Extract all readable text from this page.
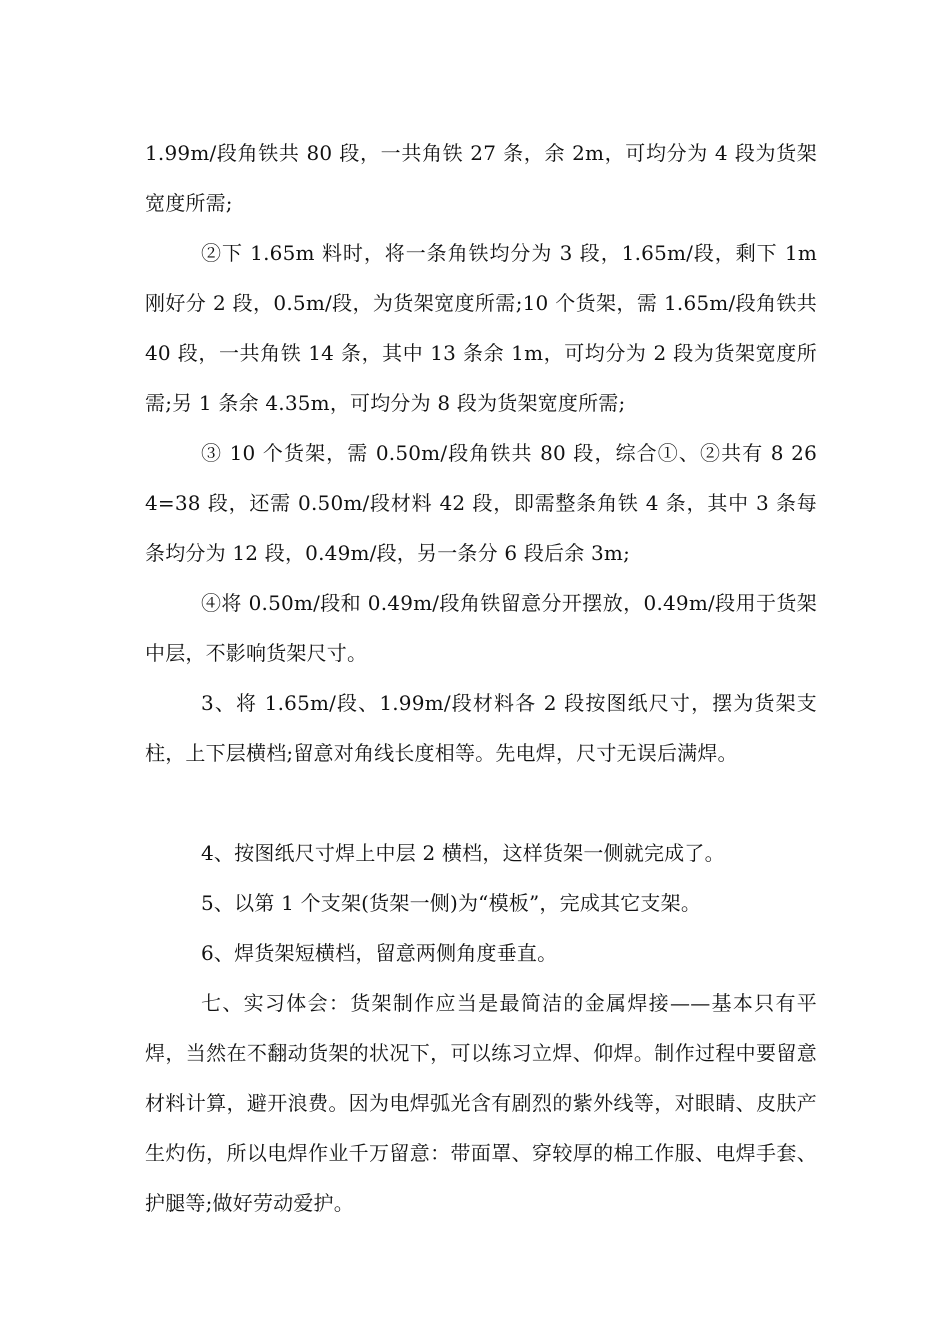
1.99m/段角铁共 80 段，一共角铁 27 条，余 2m，可均分为 4 段为货架宽度所需;

②下 1.65m 料时，将一条角铁均分为 3 段，1.65m/段，剩下 1m 刚好分 2 段，0.5m/段，为货架宽度所需;10 个货架，需 1.65m/段角铁共 40 段，一共角铁 14 条，其中 13 条余 1m，可均分为 2 段为货架宽度所需;另 1 条余 4.35m，可均分为 8 段为货架宽度所需;

③ 10 个货架，需 0.50m/段角铁共 80 段，综合①、②共有 8 26 4=38 段，还需 0.50m/段材料 42 段，即需整条角铁 4 条，其中 3 条每条均分为 12 段，0.49m/段，另一条分 6 段后余 3m;

④将 0.50m/段和 0.49m/段角铁留意分开摆放，0.49m/段用于货架中层，不影响货架尺寸。

3、将 1.65m/段、1.99m/段材料各 2 段按图纸尺寸，摆为货架支柱，上下层横档;留意对角线长度相等。先电焊，尺寸无误后满焊。

4、按图纸尺寸焊上中层 2 横档，这样货架一侧就完成了。

5、以第 1 个支架(货架一侧)为“模板”，完成其它支架。

6、焊货架短横档，留意两侧角度垂直。

七、实习体会：货架制作应当是最简洁的金属焊接——基本只有平焊，当然在不翻动货架的状况下，可以练习立焊、仰焊。制作过程中要留意材料计算，避开浪费。因为电焊弧光含有剧烈的紫外线等，对眼睛、皮肤产生灼伤，所以电焊作业千万留意：带面罩、穿较厚的棉工作服、电焊手套、护腿等;做好劳动爱护。
